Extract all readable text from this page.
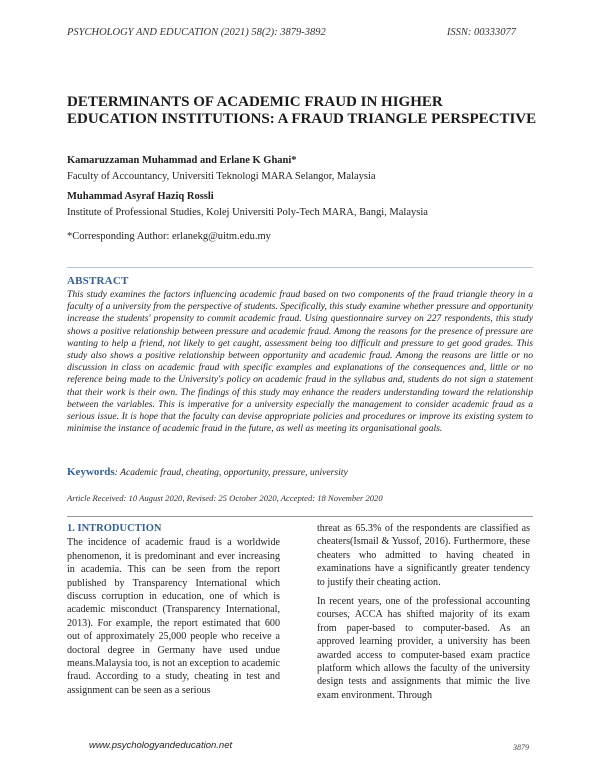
PSYCHOLOGY AND EDUCATION (2021) 58(2): 3879-3892	ISSN: 00333077
DETERMINANTS OF ACADEMIC FRAUD IN HIGHER EDUCATION INSTITUTIONS: A FRAUD TRIANGLE PERSPECTIVE
Kamaruzzaman Muhammad and Erlane K Ghani*
Faculty of Accountancy, Universiti Teknologi MARA Selangor, Malaysia
Muhammad Asyraf Haziq Rossli
Institute of Professional Studies, Kolej Universiti Poly-Tech MARA, Bangi, Malaysia
*Corresponding Author: erlanekg@uitm.edu.my
ABSTRACT

This study examines the factors influencing academic fraud based on two components of the fraud triangle theory in a faculty of a university from the perspective of students. Specifically, this study examine whether pressure and opportunity increase the students' propensity to commit academic fraud. Using questionnaire survey on 227 respondents, this study shows a positive relationship between pressure and academic fraud. Among the reasons for the presence of pressure are wanting to help a friend, not likely to get caught, assessment being too difficult and pressure to get good grades. This study also shows a positive relationship between opportunity and academic fraud. Among the reasons are little or no discussion in class on academic fraud with specific examples and explanations of the consequences and, little or no reference being made to the University's policy on academic fraud in the syllabus and, students do not sign a statement that their work is their own. The findings of this study may enhance the readers understanding toward the relationship between the variables. This is imperative for a university especially the management to consider academic fraud as a serious issue. It is hope that the faculty can devise appropriate policies and procedures or improve its existing system to minimise the instance of academic fraud in the future, as well as meeting its organisational goals.

Keywords: Academic fraud, cheating, opportunity, pressure, university
Article Received: 10 August 2020, Revised: 25 October 2020, Accepted: 18 November 2020
1. INTRODUCTION

The incidence of academic fraud is a worldwide phenomenon, it is predominant and ever increasing in academia. This can be seen from the report published by Transparency International which discuss corruption in education, one of which is academic misconduct (Transparency International, 2013). For example, the report estimated that 600 out of approximately 25,000 people who receive a doctoral degree in Germany have used undue means.Malaysia too, is not an exception to academic fraud. According to a study, cheating in test and assignment can be seen as a serious

threat as 65.3% of the respondents are classified as cheaters(Ismail & Yussof, 2016). Furthermore, these cheaters who admitted to having cheated in examinations have a significantly greater tendency to justify their cheating action.

In recent years, one of the professional accounting courses, ACCA has shifted majority of its exam from paper-based to computer-based. As an approved learning provider, a university has been awarded access to computer-based exam practice platform which allows the faculty of the university design tests and assignments that mimic the live exam environment. Through

www.psychologyandeducation.net	3879
